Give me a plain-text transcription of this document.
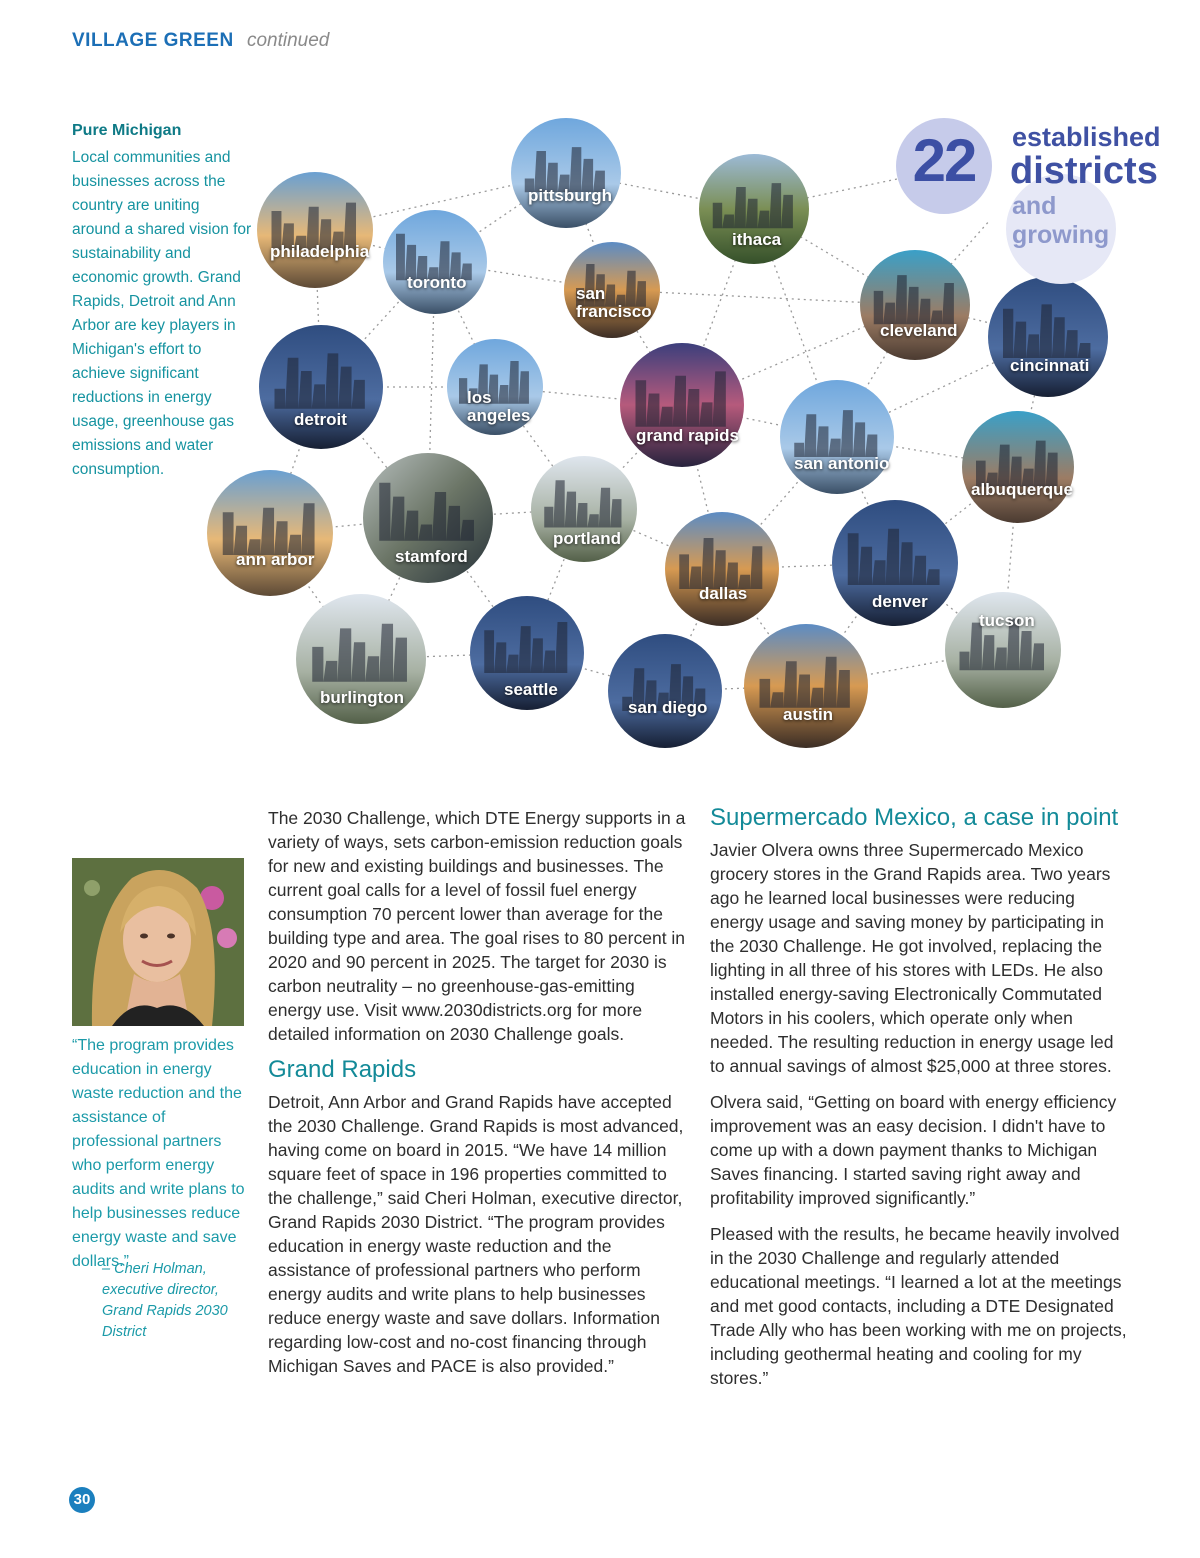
VILLAGE GREEN continued
Pure Michigan

Local communities and businesses across the country are uniting around a shared vision for sustainability and economic growth. Grand Rapids, Detroit and Ann Arbor are key players in Michigan's effort to achieve significant reductions in energy usage, greenhouse gas emissions and water consumption.

pittsburgh
ithaca
philadelphia
toronto
san francisco
cleveland
cincinnati
detroit
los angeles
grand rapids
san antonio
albuquerque
ann arbor	stamford
portland
dallas	denver
tucson
burlington	seattle
san diego	austin
22	established
districts
and growing
“The program provides education in energy waste reduction and the assistance of professional partners who perform energy audits and write plans to help businesses reduce energy waste and save dollars.”
– Cheri Holman, executive director, Grand Rapids 2030 District

The 2030 Challenge, which DTE Energy supports in a variety of ways, sets carbon-emission reduction goals for new and existing buildings and businesses. The current goal calls for a level of fossil fuel energy consumption 70 percent lower than average for the building type and area. The goal rises to 80 percent in 2020 and 90 percent in 2025. The target for 2030 is carbon neutrality – no greenhouse-gas-emitting energy use. Visit www.2030districts.org for more detailed information on 2030 Challenge goals.

Grand Rapids

Detroit, Ann Arbor and Grand Rapids have accepted the 2030 Challenge. Grand Rapids is most advanced, having come on board in 2015. “We have 14 million square feet of space in 196 properties committed to the challenge,” said Cheri Holman, executive director, Grand Rapids 2030 District. “The program provides education in energy waste reduction and the assistance of professional partners who perform energy audits and write plans to help businesses reduce energy waste and save dollars. Information regarding low-cost and no-cost financing through Michigan Saves and PACE is also provided.”

Supermercado Mexico, a case in point

Javier Olvera owns three Supermercado Mexico grocery stores in the Grand Rapids area. Two years ago he learned local businesses were reducing energy usage and saving money by participating in the 2030 Challenge. He got involved, replacing the lighting in all three of his stores with LEDs. He also installed energy-saving Electronically Commutated Motors in his coolers, which operate only when needed. The resulting reduction in energy usage led to annual savings of almost $25,000 at three stores.

Olvera said, “Getting on board with energy efficiency improvement was an easy decision. I didn't have to come up with a down payment thanks to Michigan Saves financing. I started saving right away and profitability improved significantly.”

Pleased with the results, he became heavily involved in the 2030 Challenge and regularly attended educational meetings. “I learned a lot at the meetings and met good contacts, including a DTE Designated Trade Ally who has been working with me on projects, including geothermal heating and cooling for my stores.”

30
